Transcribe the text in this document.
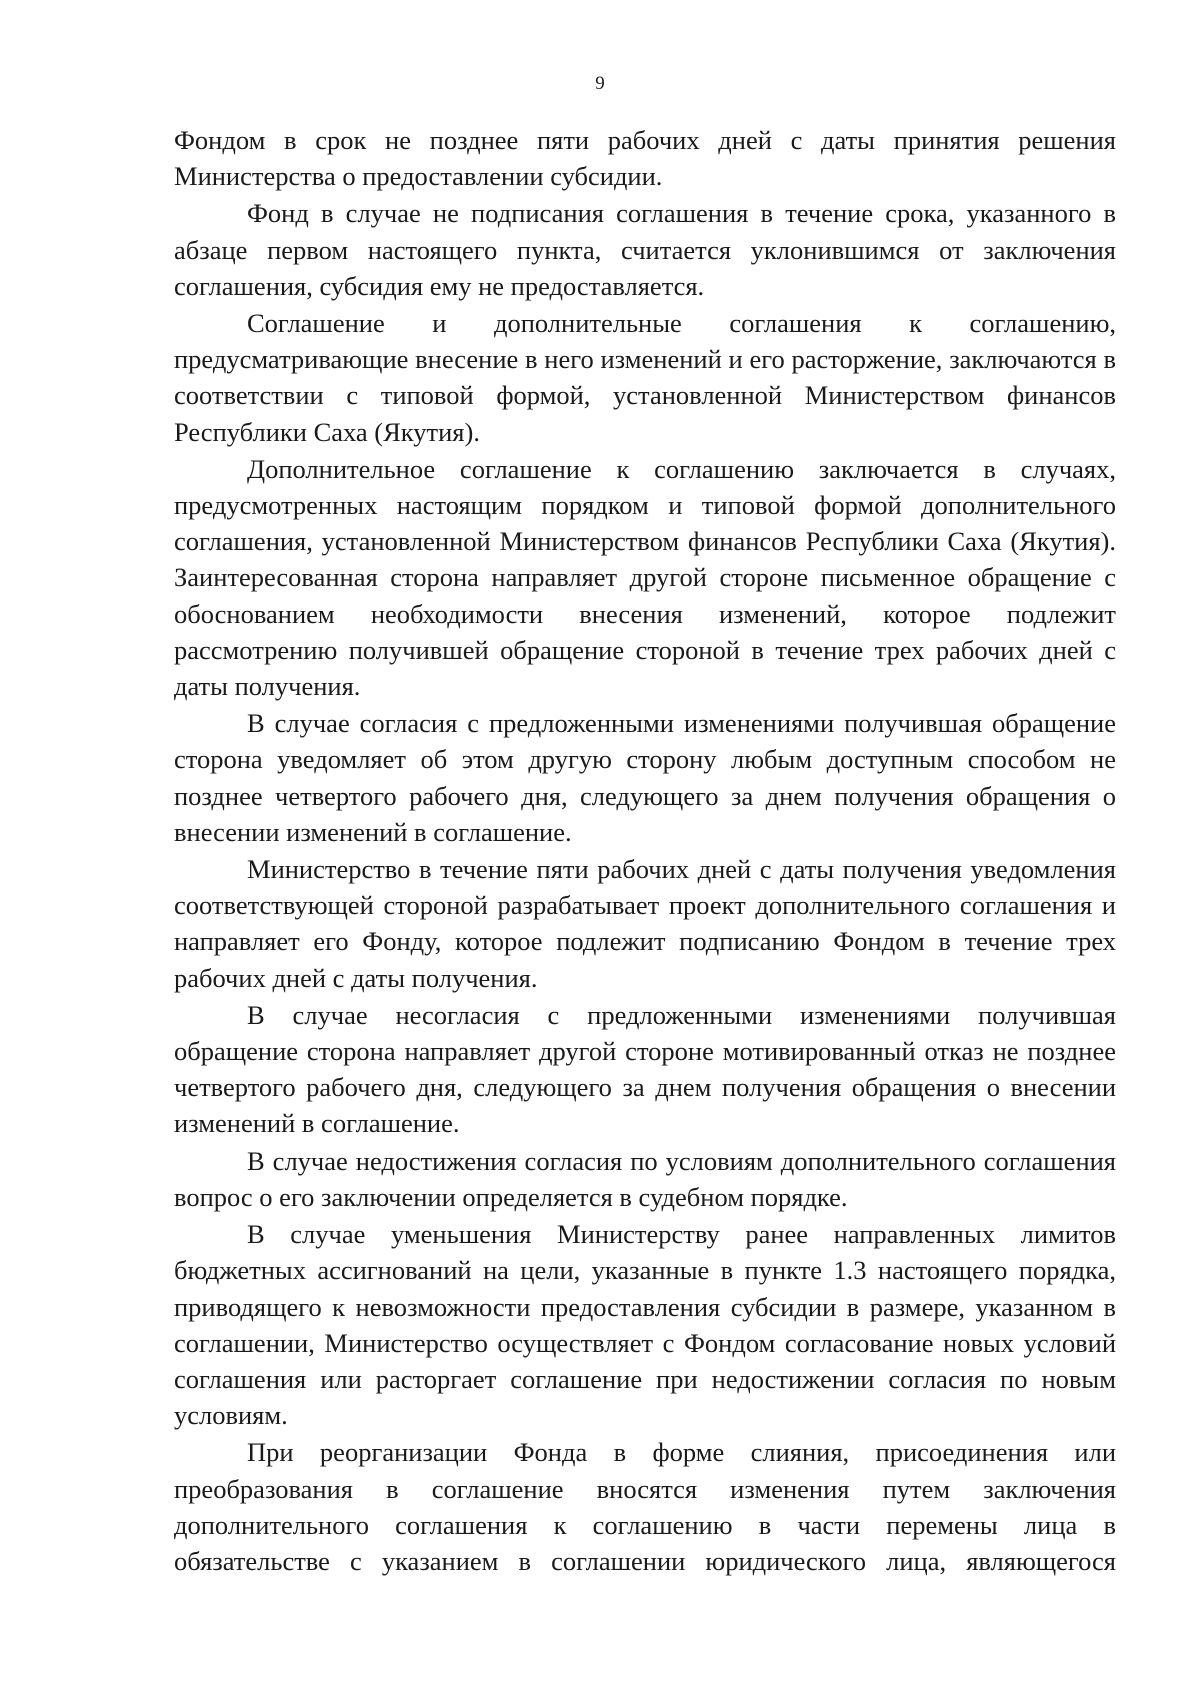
9

Фондом в срок не позднее пяти рабочих дней с даты принятия решения Министерства о предоставлении субсидии.

Фонд в случае не подписания соглашения в течение срока, указанного в абзаце первом настоящего пункта, считается уклонившимся от заключения соглашения, субсидия ему не предоставляется.

Соглашение и дополнительные соглашения к соглашению, предусматривающие внесение в него изменений и его расторжение, заключаются в соответствии с типовой формой, установленной Министерством финансов Республики Саха (Якутия).

Дополнительное соглашение к соглашению заключается в случаях, предусмотренных настоящим порядком и типовой формой дополнительного соглашения, установленной Министерством финансов Республики Саха (Якутия). Заинтересованная сторона направляет другой стороне письменное обращение с обоснованием необходимости внесения изменений, которое подлежит рассмотрению получившей обращение стороной в течение трех рабочих дней с даты получения.

В случае согласия с предложенными изменениями получившая обращение сторона уведомляет об этом другую сторону любым доступным способом не позднее четвертого рабочего дня, следующего за днем получения обращения о внесении изменений в соглашение.

Министерство в течение пяти рабочих дней с даты получения уведомления соответствующей стороной разрабатывает проект дополнительного соглашения и направляет его Фонду, которое подлежит подписанию Фондом в течение трех рабочих дней с даты получения.

В случае несогласия с предложенными изменениями получившая обращение сторона направляет другой стороне мотивированный отказ не позднее четвертого рабочего дня, следующего за днем получения обращения о внесении изменений в соглашение.

В случае недостижения согласия по условиям дополнительного соглашения вопрос о его заключении определяется в судебном порядке.

В случае уменьшения Министерству ранее направленных лимитов бюджетных ассигнований на цели, указанные в пункте 1.3 настоящего порядка, приводящего к невозможности предоставления субсидии в размере, указанном в соглашении, Министерство осуществляет с Фондом согласование новых условий соглашения или расторгает соглашение при недостижении согласия по новым условиям.

При реорганизации Фонда в форме слияния, присоединения или преобразования в соглашение вносятся изменения путем заключения дополнительного соглашения к соглашению в части перемены лица в обязательстве с указанием в соглашении юридического лица, являющегося
